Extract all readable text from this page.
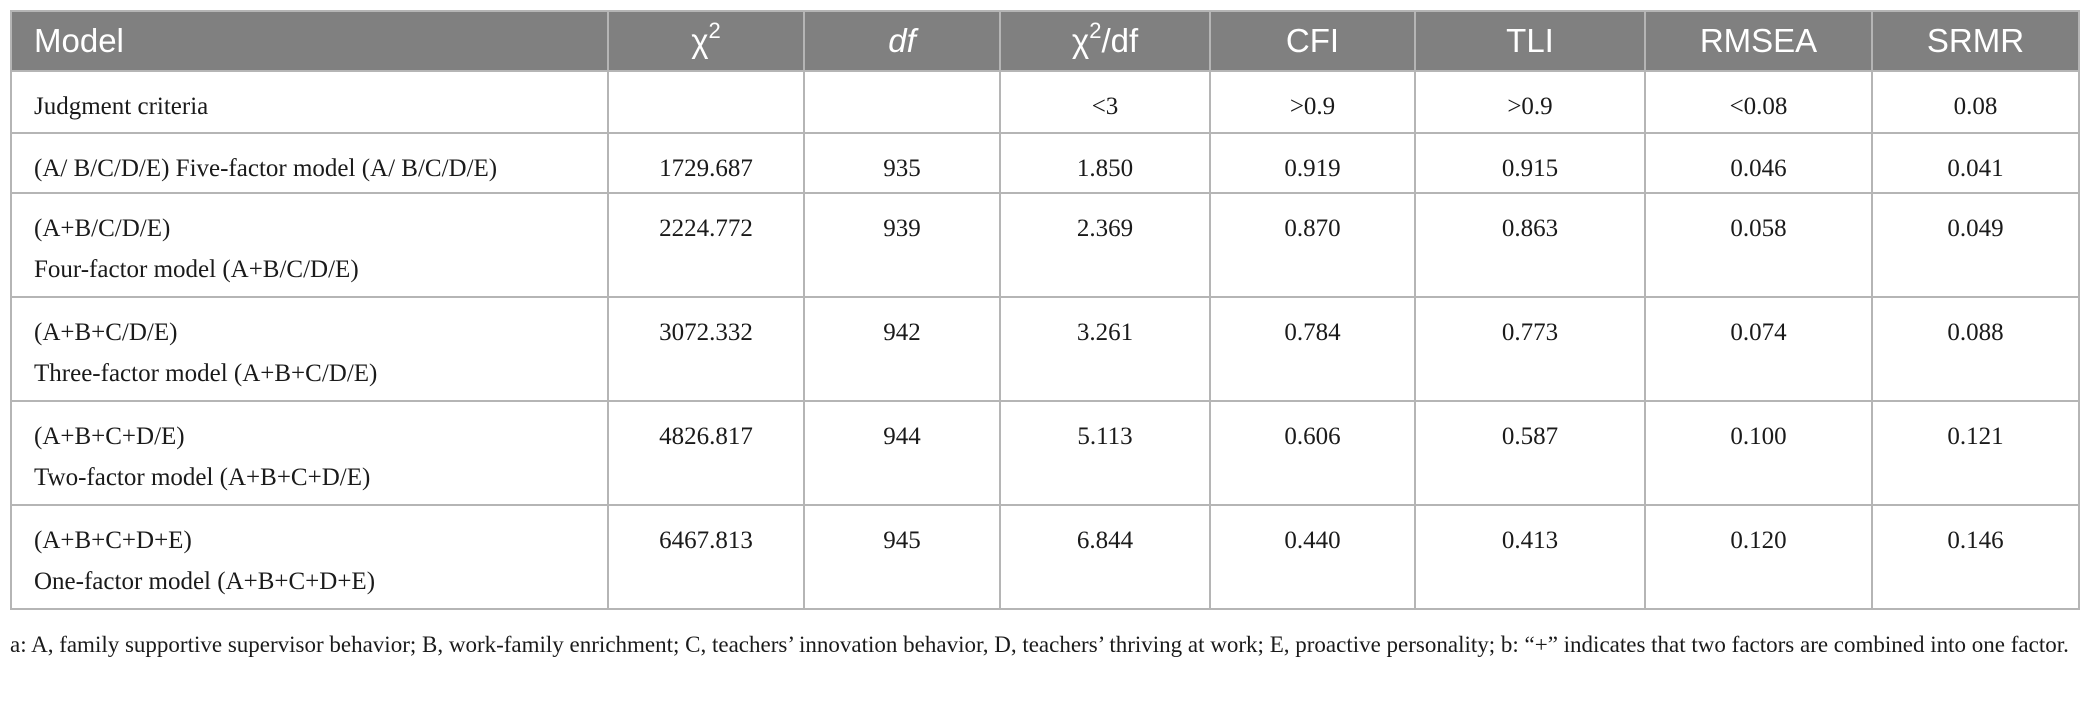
Model	$\chi^2$	df	$\chi^2/df$	CFI	TLI	RMSEA	SRMR

Judgment criteria			<3	>0.9	>0.9	<0.08	0.08

(A/ B/C/D/E) Five-factor model (A/ B/C/D/E)	1729.687	935	1.850	0.919	0.915	0.046	0.041

(A+B/C/D/E)
Four-factor model (A+B/C/D/E)	2224.772	939	2.369	0.870	0.863	0.058	0.049

(A+B+C/D/E)
Three-factor model (A+B+C/D/E)	3072.332	942	3.261	0.784	0.773	0.074	0.088

(A+B+C+D/E)
Two-factor model (A+B+C+D/E)	4826.817	944	5.113	0.606	0.587	0.100	0.121

(A+B+C+D+E)
One-factor model (A+B+C+D+E)	6467.813	945	6.844	0.440	0.413	0.120	0.146
a: A, family supportive supervisor behavior; B, work-family enrichment; C, teachers’ innovation behavior, D, teachers’ thriving at work; E, proactive personality; b: “+” indicates that two factors are combined into one factor.
